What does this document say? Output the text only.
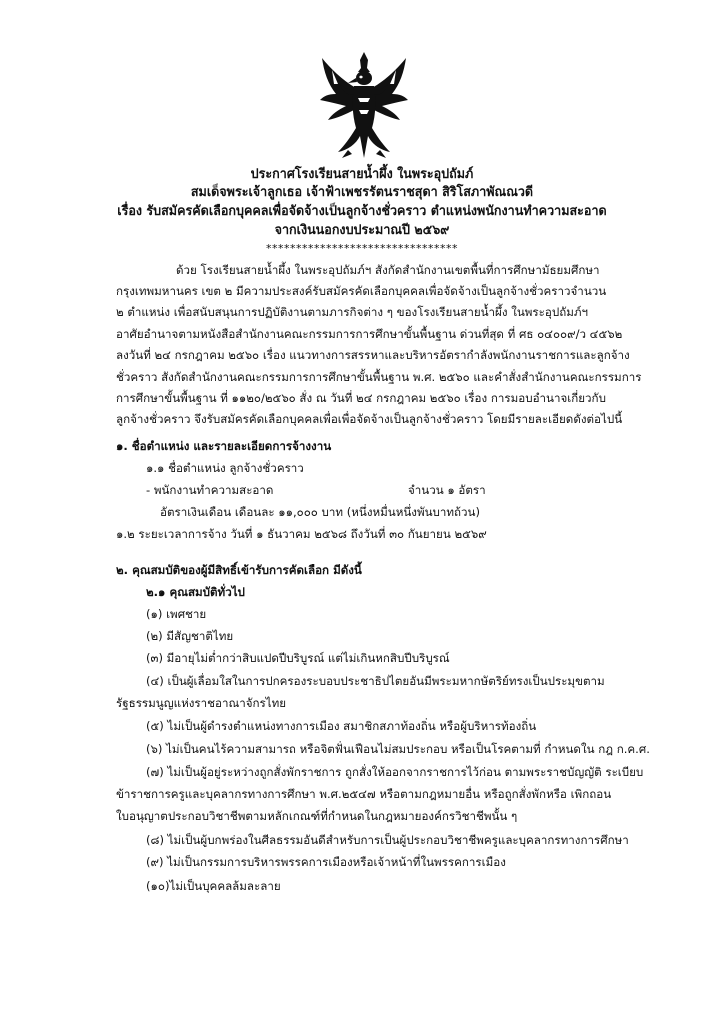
ประกาศโรงเรียนสายน้ำผึ้ง ในพระอุปถัมภ์
สมเด็จพระเจ้าลูกเธอ เจ้าฟ้าเพชรรัตนราชสุดา สิริโสภาพัณณวดี
เรื่อง รับสมัครคัดเลือกบุคคลเพื่อจัดจ้างเป็นลูกจ้างชั่วคราว ตำแหน่งพนักงานทำความสะอาด
จากเงินนอกงบประมาณปี ๒๕๖๙
********************************
ด้วย โรงเรียนสายน้ำผึ้ง ในพระอุปถัมภ์ฯ สังกัดสำนักงานเขตพื้นที่การศึกษามัธยมศึกษา
กรุงเทพมหานคร เขต ๒ มีความประสงค์รับสมัครคัดเลือกบุคคลเพื่อจัดจ้างเป็นลูกจ้างชั่วคราวจำนวน
๒ ตำแหน่ง เพื่อสนับสนุนการปฏิบัติงานตามภารกิจต่าง ๆ ของโรงเรียนสายน้ำผึ้ง ในพระอุปถัมภ์ฯ
อาศัยอำนาจตามหนังสือสำนักงานคณะกรรมการการศึกษาขั้นพื้นฐาน ด่วนที่สุด ที่ ศธ ๐๔๐๐๙/ว ๔๕๖๒
ลงวันที่ ๒๔ กรกฎาคม ๒๕๖๐ เรื่อง แนวทางการสรรหาและบริหารอัตรากำลังพนักงานราชการและลูกจ้าง
ชั่วคราว สังกัดสำนักงานคณะกรรมการการศึกษาขั้นพื้นฐาน พ.ศ. ๒๕๖๐ และคำสั่งสำนักงานคณะกรรมการ
การศึกษาขั้นพื้นฐาน ที่ ๑๑๒๐/๒๕๖๐ สั่ง ณ วันที่ ๒๔ กรกฎาคม ๒๕๖๐ เรื่อง การมอบอำนาจเกี่ยวกับ
ลูกจ้างชั่วคราว จึงรับสมัครคัดเลือกบุคคลเพื่อเพื่อจัดจ้างเป็นลูกจ้างชั่วคราว โดยมีรายละเอียดดังต่อไปนี้
๑. ชื่อตำแหน่ง และรายละเอียดการจ้างงาน
๑.๑ ชื่อตำแหน่ง ลูกจ้างชั่วคราว
- พนักงานทำความสะอาด	จำนวน ๑ อัตรา
อัตราเงินเดือน เดือนละ ๑๑,๐๐๐ บาท (หนึ่งหมื่นหนึ่งพันบาทถ้วน)
๑.๒ ระยะเวลาการจ้าง วันที่ ๑ ธันวาคม ๒๕๖๘ ถึงวันที่ ๓๐ กันยายน ๒๕๖๙
๒. คุณสมบัติของผู้มีสิทธิ์เข้ารับการคัดเลือก มีดังนี้
๒.๑ คุณสมบัติทั่วไป
(๑) เพศชาย
(๒) มีสัญชาติไทย
(๓) มีอายุไม่ต่ำกว่าสิบแปดปีบริบูรณ์ แต่ไม่เกินหกสิบปีบริบูรณ์
(๔) เป็นผู้เลื่อมใสในการปกครองระบอบประชาธิปไตยอันมีพระมหากษัตริย์ทรงเป็นประมุขตาม
รัฐธรรมนูญแห่งราชอาณาจักรไทย
(๕) ไม่เป็นผู้ดำรงตำแหน่งทางการเมือง สมาชิกสภาท้องถิ่น หรือผู้บริหารท้องถิ่น
(๖) ไม่เป็นคนไร้ความสามารถ หรือจิตฟั่นเฟือนไม่สมประกอบ หรือเป็นโรคตามที่ กำหนดใน กฎ ก.ค.ศ.
(๗) ไม่เป็นผู้อยู่ระหว่างถูกสั่งพักราชการ ถูกสั่งให้ออกจากราชการไว้ก่อน ตามพระราชบัญญัติ ระเบียบ
ข้าราชการครูและบุคลากรทางการศึกษา พ.ศ.๒๕๔๗ หรือตามกฎหมายอื่น หรือถูกสั่งพักหรือ เพิกถอน
ใบอนุญาตประกอบวิชาชีพตามหลักเกณฑ์ที่กำหนดในกฎหมายองค์กรวิชาชีพนั้น ๆ
(๘) ไม่เป็นผู้บกพร่องในศีลธรรมอันดีสำหรับการเป็นผู้ประกอบวิชาชีพครูและบุคลากรทางการศึกษา
(๙) ไม่เป็นกรรมการบริหารพรรคการเมืองหรือเจ้าหน้าที่ในพรรคการเมือง
(๑๐)ไม่เป็นบุคคลล้มละลาย
